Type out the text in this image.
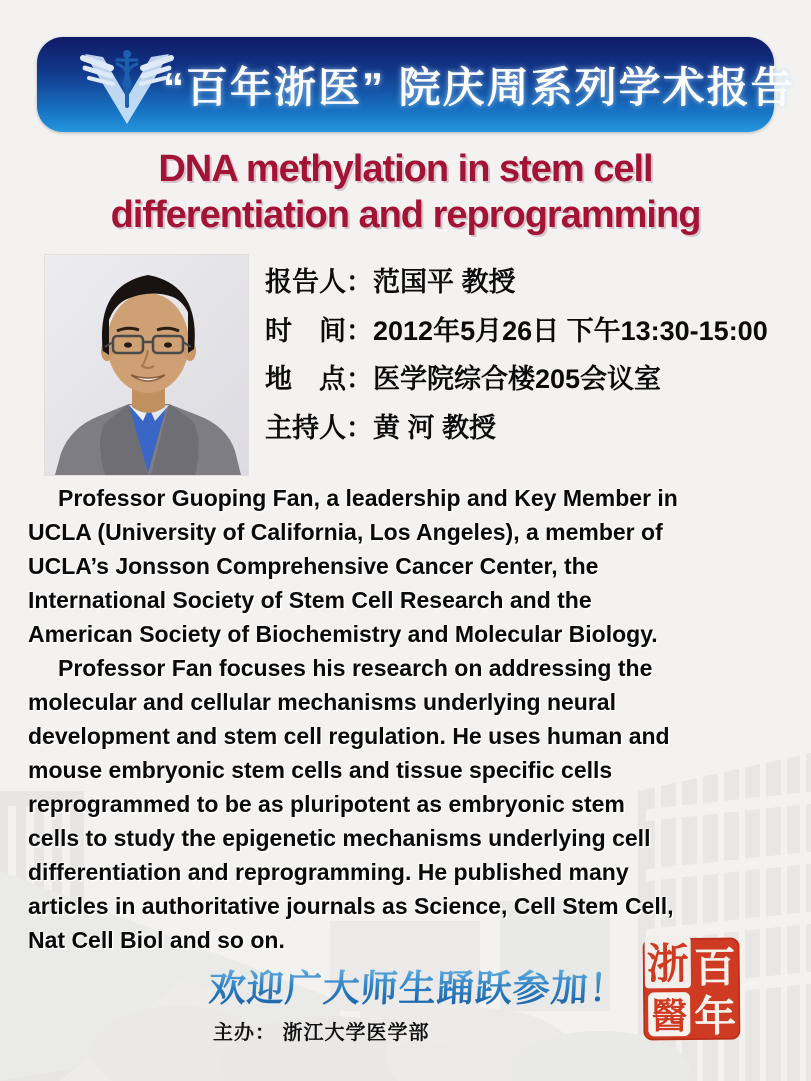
“百年浙医” 院庆周系列学术报告
DNA methylation in stem cell
differentiation and reprogramming
报告人：范国平 教授
时　间：2012年5月26日 下午13:30-15:00
地　点：医学院综合楼205会议室
主持人：黄 河 教授

Professor Guoping Fan, a leadership and Key Member in
UCLA (University of California, Los Angeles), a member of
UCLA’s Jonsson Comprehensive Cancer Center, the
International Society of Stem Cell Research and the
American Society of Biochemistry and Molecular Biology.

Professor Fan focuses his research on addressing the
molecular and cellular mechanisms underlying neural
development and stem cell regulation. He uses human and
mouse embryonic stem cells and tissue specific cells
reprogrammed to be as pluripotent as embryonic stem
cells to study the epigenetic mechanisms underlying cell
differentiation and reprogramming. He published many
articles in authoritative journals as Science, Cell Stem Cell,
Nat Cell Biol and so on.

欢迎广大师生踊跃参加！
主办： 浙江大学医学部
浙
醫
百
年
